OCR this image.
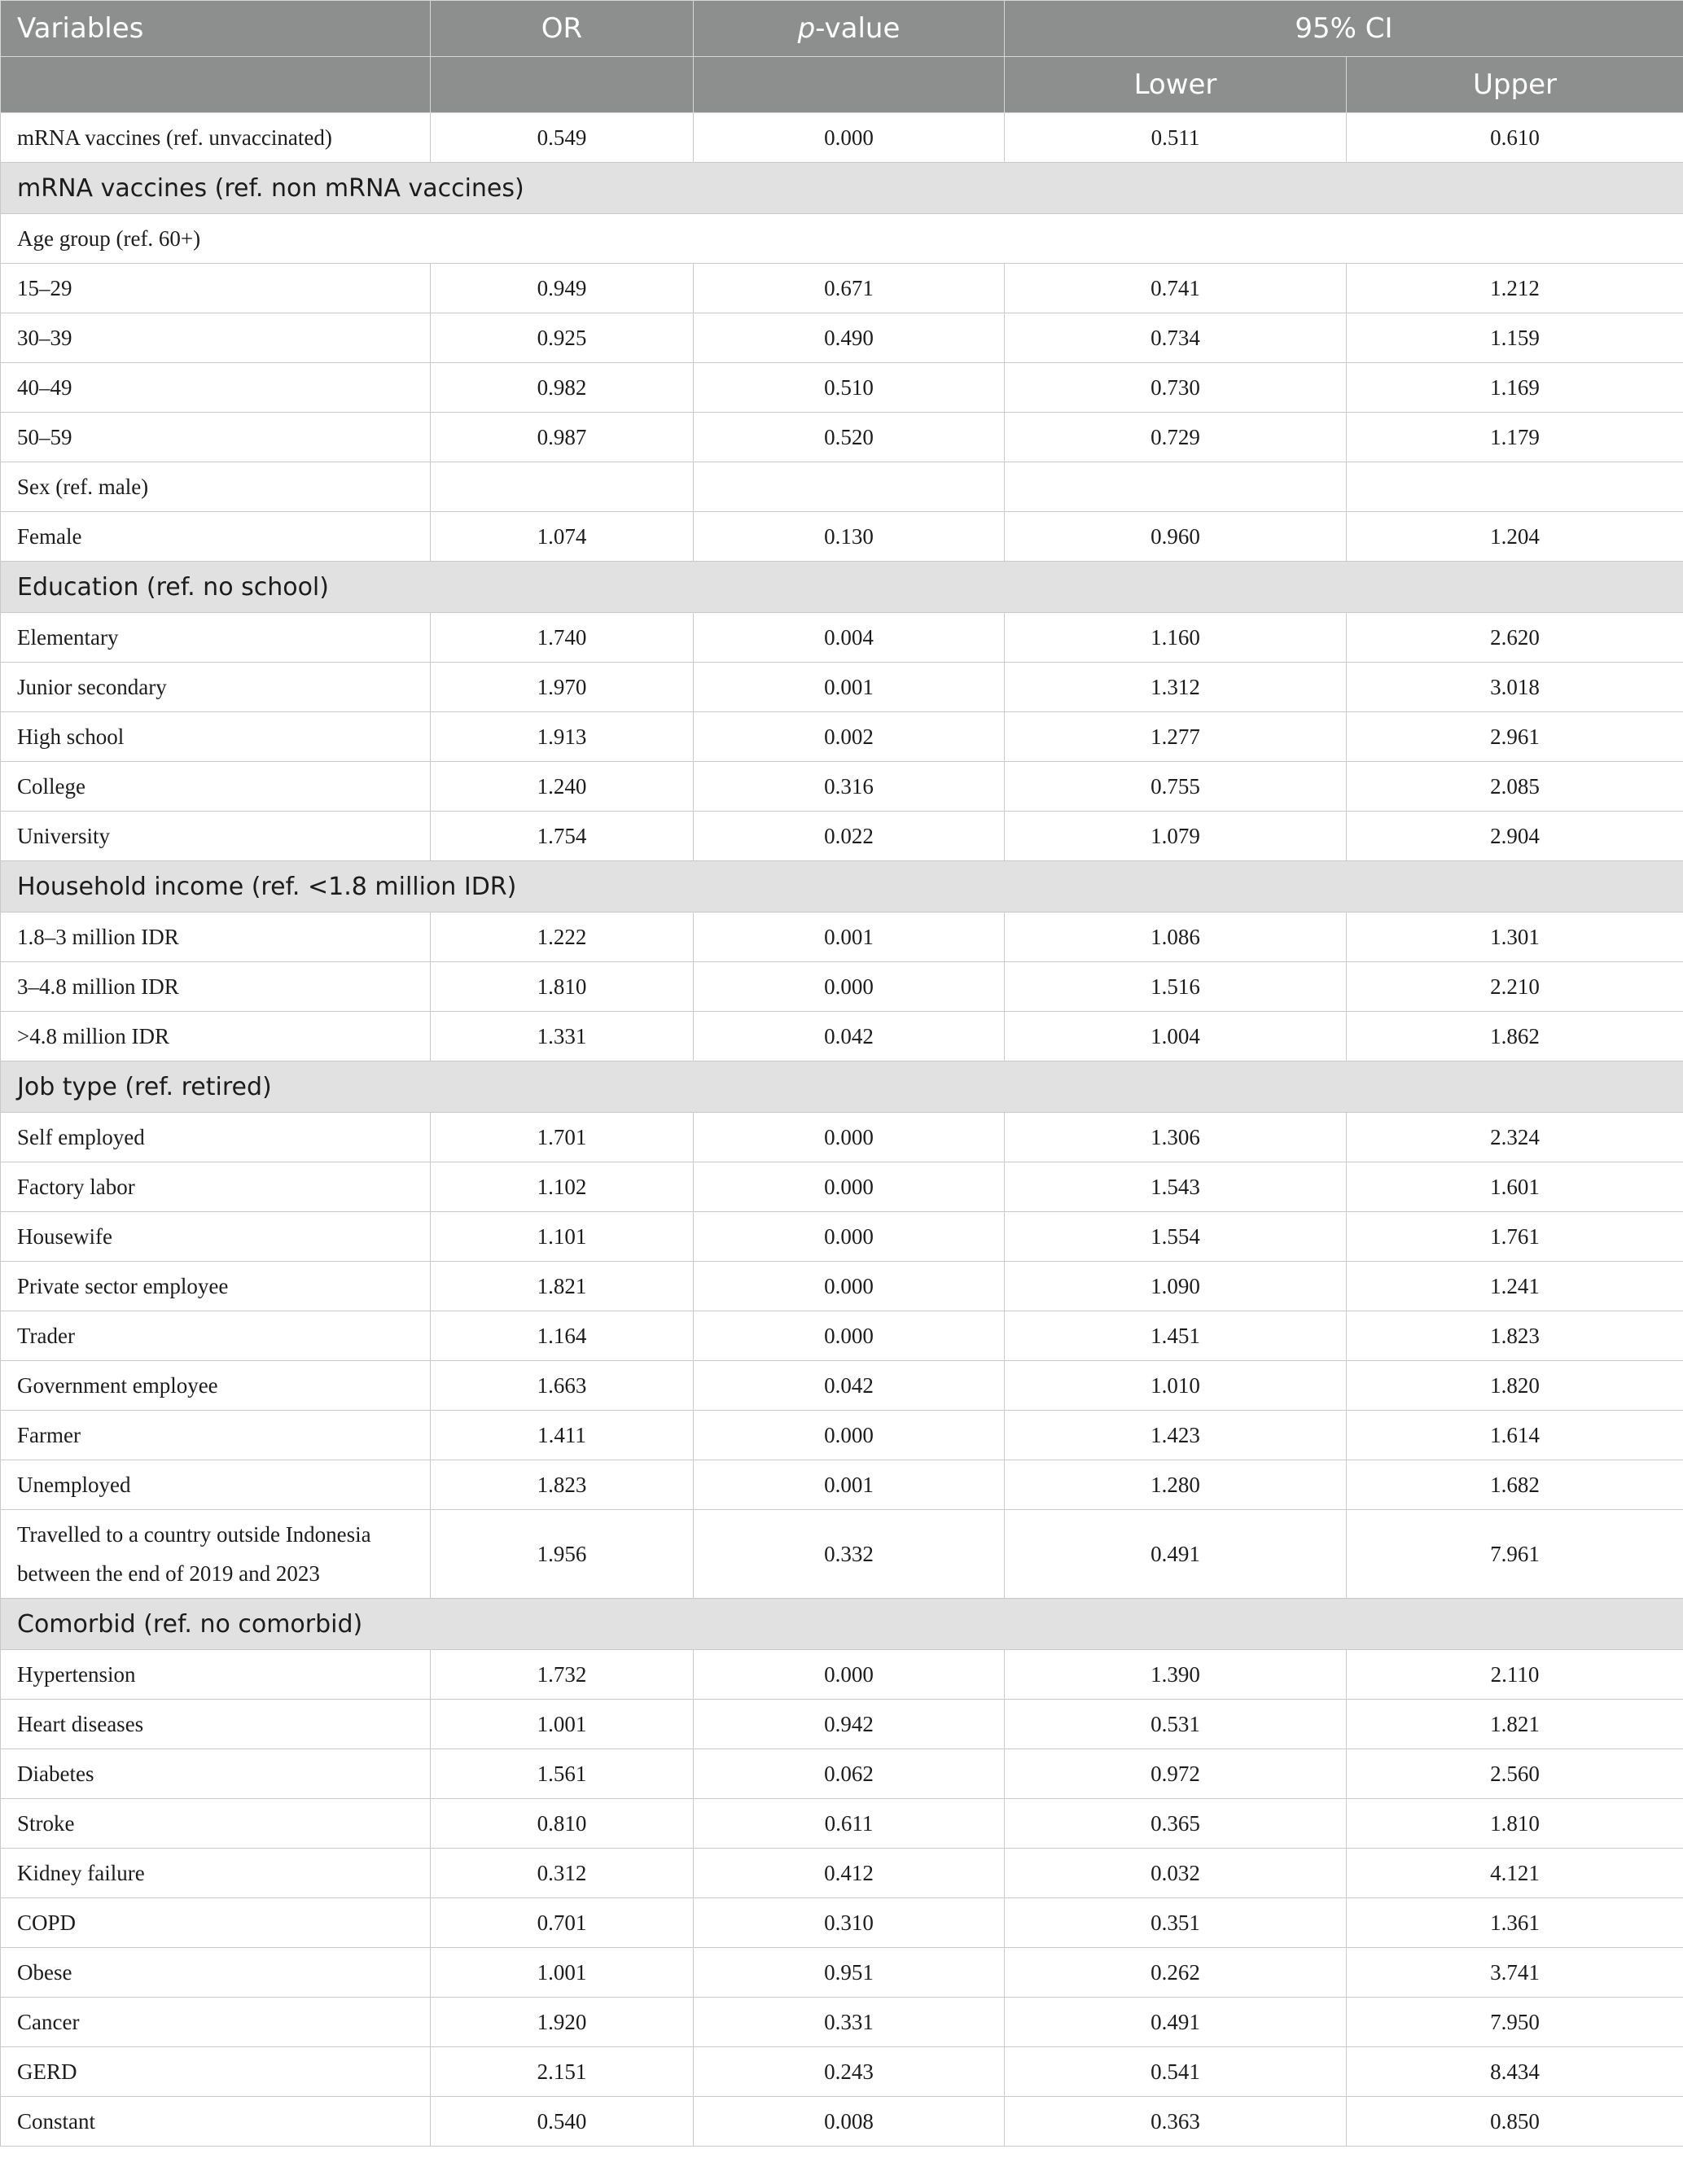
Variables	OR	p-value	95% CI	
			Lower	Upper
mRNA vaccines (ref. unvaccinated)	0.549	0.000	0.511	0.610
mRNA vaccines (ref. non mRNA vaccines)				
Age group (ref. 60+)				
15–29	0.949	0.671	0.741	1.212
30–39	0.925	0.490	0.734	1.159
40–49	0.982	0.510	0.730	1.169
50–59	0.987	0.520	0.729	1.179
Sex (ref. male)				
Female	1.074	0.130	0.960	1.204
Education (ref. no school)				
Elementary	1.740	0.004	1.160	2.620
Junior secondary	1.970	0.001	1.312	3.018
High school	1.913	0.002	1.277	2.961
College	1.240	0.316	0.755	2.085
University	1.754	0.022	1.079	2.904
Household income (ref. <1.8 million IDR)				
1.8–3 million IDR	1.222	0.001	1.086	1.301
3–4.8 million IDR	1.810	0.000	1.516	2.210
>4.8 million IDR	1.331	0.042	1.004	1.862
Job type (ref. retired)				
Self employed	1.701	0.000	1.306	2.324
Factory labor	1.102	0.000	1.543	1.601
Housewife	1.101	0.000	1.554	1.761
Private sector employee	1.821	0.000	1.090	1.241
Trader	1.164	0.000	1.451	1.823
Government employee	1.663	0.042	1.010	1.820
Farmer	1.411	0.000	1.423	1.614
Unemployed	1.823	0.001	1.280	1.682
Travelled to a country outside Indonesia
between the end of 2019 and 2023	1.956	0.332	0.491	7.961
Comorbid (ref. no comorbid)				
Hypertension	1.732	0.000	1.390	2.110
Heart diseases	1.001	0.942	0.531	1.821
Diabetes	1.561	0.062	0.972	2.560
Stroke	0.810	0.611	0.365	1.810
Kidney failure	0.312	0.412	0.032	4.121
COPD	0.701	0.310	0.351	1.361
Obese	1.001	0.951	0.262	3.741
Cancer	1.920	0.331	0.491	7.950
GERD	2.151	0.243	0.541	8.434
Constant	0.540	0.008	0.363	0.850
